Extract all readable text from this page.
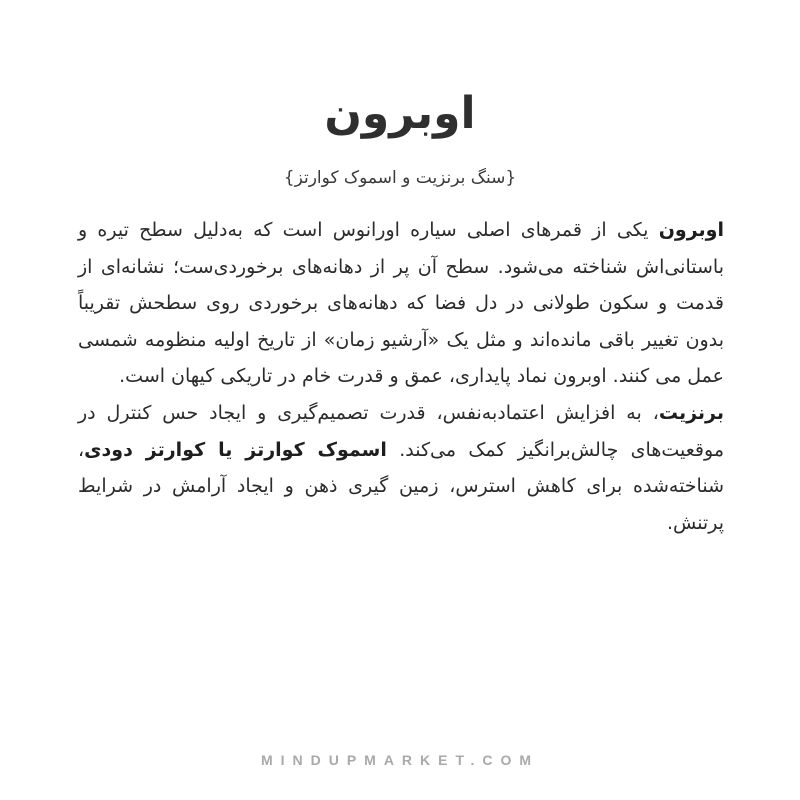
اوبرون
{سنگ برنزیت و اسموک کوارتز}

اوبرون یکی از قمرهای اصلی سیاره اورانوس است که به‌دلیل سطح تیره و باستانی‌اش شناخته می‌شود. سطح آن پر از دهانه‌های برخوردی‌ست؛ نشانه‌ای از قدمت و سکون طولانی در دل فضا که دهانه‌های برخوردی روی سطحش تقریباً بدون تغییر باقی مانده‌اند و مثل یک «آرشیو زمان» از تاریخ اولیه منظومه شمسی عمل می کنند. اوبرون نماد پایداری، عمق و قدرت خام در تاریکی کیهان است.

برنزیت، به افزایش اعتمادبه‌نفس، قدرت تصمیم‌گیری و ایجاد حس کنترل در موقعیت‌های چالش‌برانگیز کمک می‌کند. اسموک کوارتز یا کوارتز دودی، شناخته‌شده برای کاهش استرس، زمین گیری ذهن و ایجاد آرامش در شرایط پرتنش.

MINDUPMARKET.COM
